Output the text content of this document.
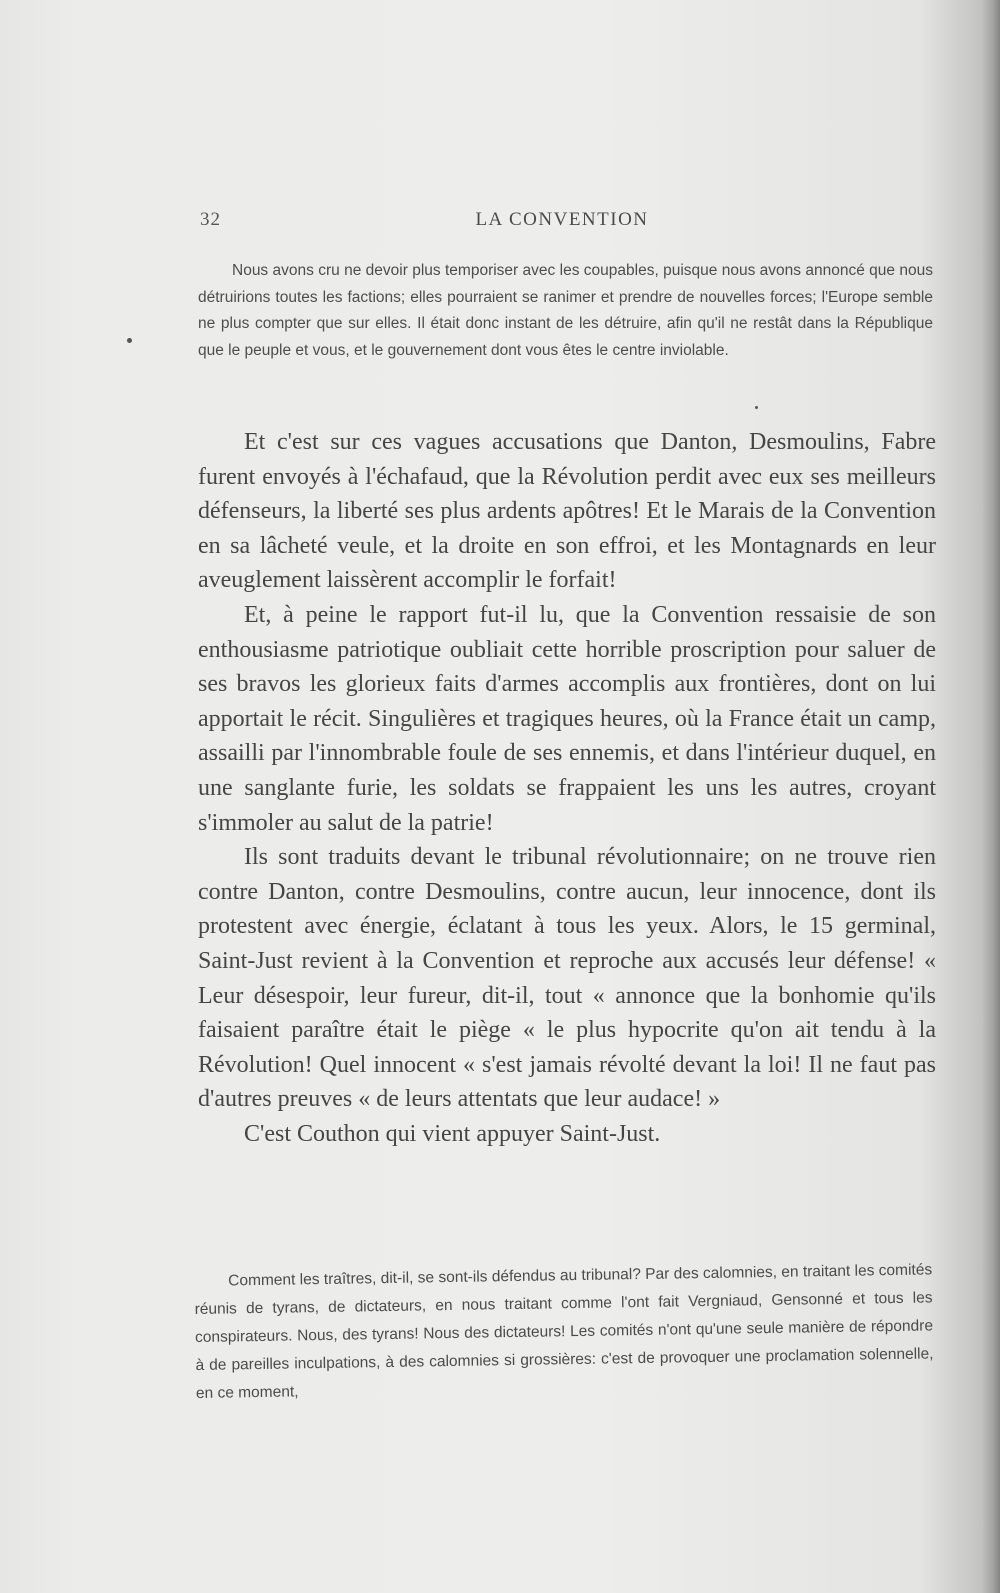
32	LA CONVENTION
Nous avons cru ne devoir plus temporiser avec les coupables, puisque nous avons annoncé que nous détruirions toutes les factions; elles pourraient se ranimer et prendre de nouvelles forces; l'Europe semble ne plus compter que sur elles. Il était donc instant de les détruire, afin qu'il ne restât dans la République que le peuple et vous, et le gouvernement dont vous êtes le centre inviolable.

Et c'est sur ces vagues accusations que Danton, Desmoulins, Fabre furent envoyés à l'échafaud, que la Révolution perdit avec eux ses meilleurs défenseurs, la liberté ses plus ardents apôtres! Et le Marais de la Convention en sa lâcheté veule, et la droite en son effroi, et les Montagnards en leur aveuglement laissèrent accomplir le forfait!

Et, à peine le rapport fut-il lu, que la Convention ressaisie de son enthousiasme patriotique oubliait cette horrible proscription pour saluer de ses bravos les glorieux faits d'armes accomplis aux frontières, dont on lui apportait le récit. Singulières et tragiques heures, où la France était un camp, assailli par l'innombrable foule de ses ennemis, et dans l'intérieur duquel, en une sanglante furie, les soldats se frappaient les uns les autres, croyant s'immoler au salut de la patrie!

Ils sont traduits devant le tribunal révolutionnaire; on ne trouve rien contre Danton, contre Desmoulins, contre aucun, leur innocence, dont ils protestent avec énergie, éclatant à tous les yeux. Alors, le 15 germinal, Saint-Just revient à la Convention et reproche aux accusés leur défense! « Leur désespoir, leur fureur, dit-il, tout « annonce que la bonhomie qu'ils faisaient paraître était le piège « le plus hypocrite qu'on ait tendu à la Révolution! Quel innocent « s'est jamais révolté devant la loi! Il ne faut pas d'autres preuves « de leurs attentats que leur audace! »

C'est Couthon qui vient appuyer Saint-Just.

Comment les traîtres, dit-il, se sont-ils défendus au tribunal? Par des calomnies, en traitant les comités réunis de tyrans, de dictateurs, en nous traitant comme l'ont fait Vergniaud, Gensonné et tous les conspirateurs. Nous, des tyrans! Nous des dictateurs! Les comités n'ont qu'une seule manière de répondre à de pareilles inculpations, à des calomnies si grossières: c'est de provoquer une proclamation solennelle, en ce moment,
